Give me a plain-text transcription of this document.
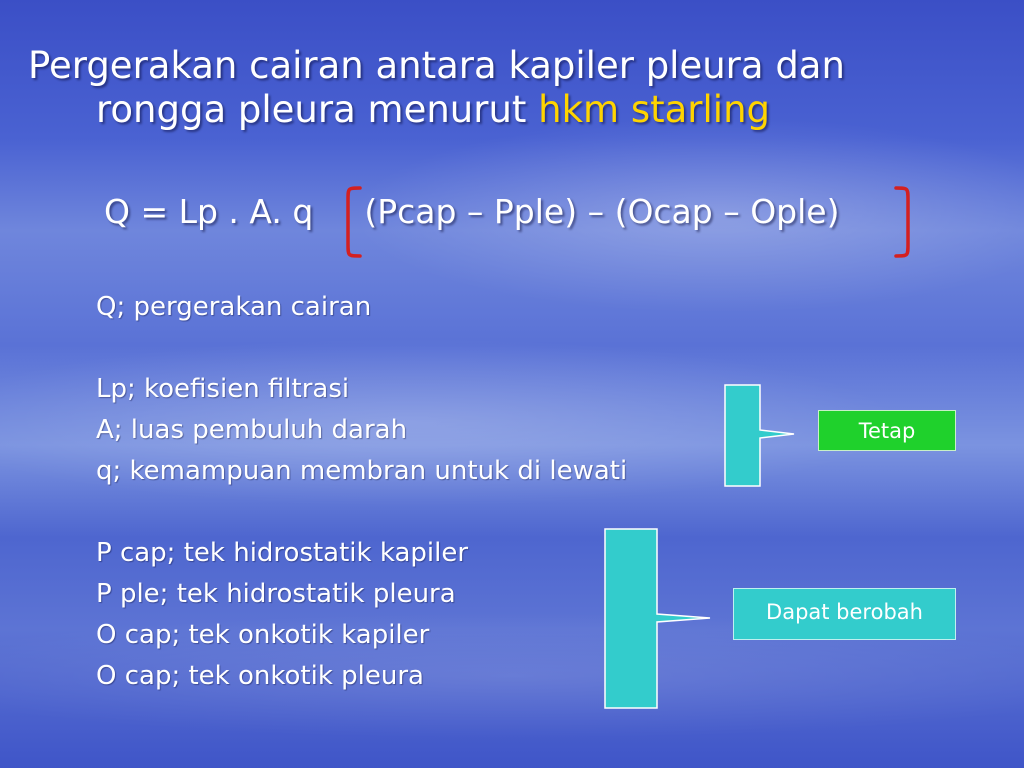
Pergerakan cairan antara kapiler pleura dan
rongga pleura menurut hkm starling
Q = Lp . A. q (Pcap – Pple) – (Ocap – Ople)
Q; pergerakan cairan
Lp; koefisien filtrasi
A; luas pembuluh darah
q; kemampuan membran untuk di lewati
P cap; tek hidrostatik kapiler
P ple; tek hidrostatik pleura
O cap; tek onkotik kapiler
O cap; tek onkotik pleura
Tetap
Dapat berobah
